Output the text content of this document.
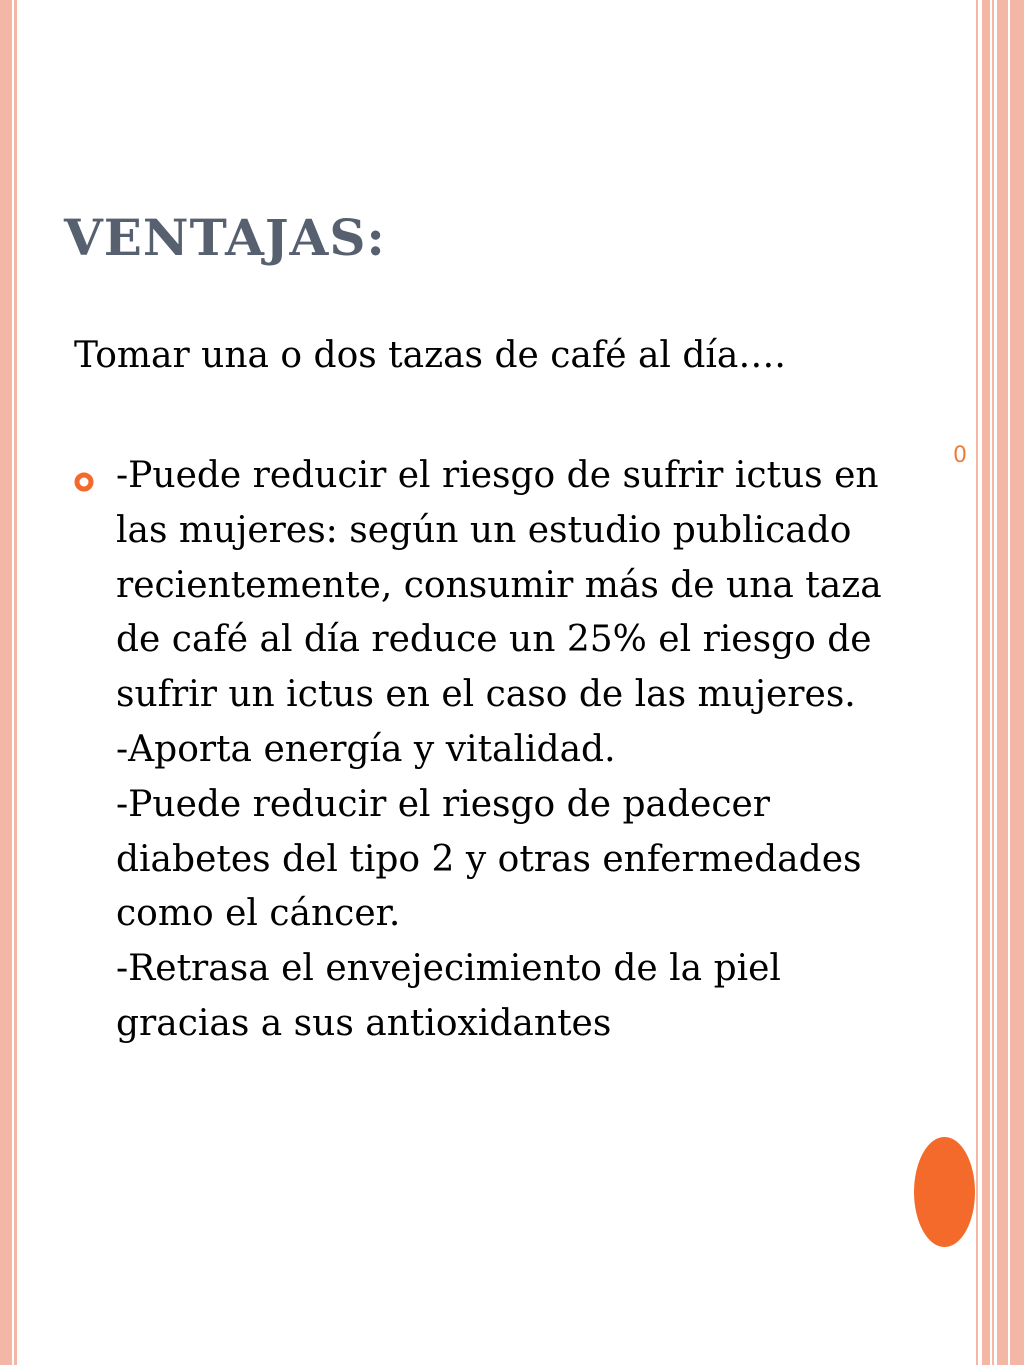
VENTAJAS:

Tomar una o dos tazas de café al día….

-Puede reducir el riesgo de sufrir ictus en las mujeres: según un estudio publicado recientemente, consumir más de una taza de café al día reduce un 25% el riesgo de sufrir un ictus en el caso de las mujeres.
-Aporta energía y vitalidad.
-Puede reducir el riesgo de padecer diabetes del tipo 2 y otras enfermedades como el cáncer.
-Retrasa el envejecimiento de la piel gracias a sus antioxidantes

0
